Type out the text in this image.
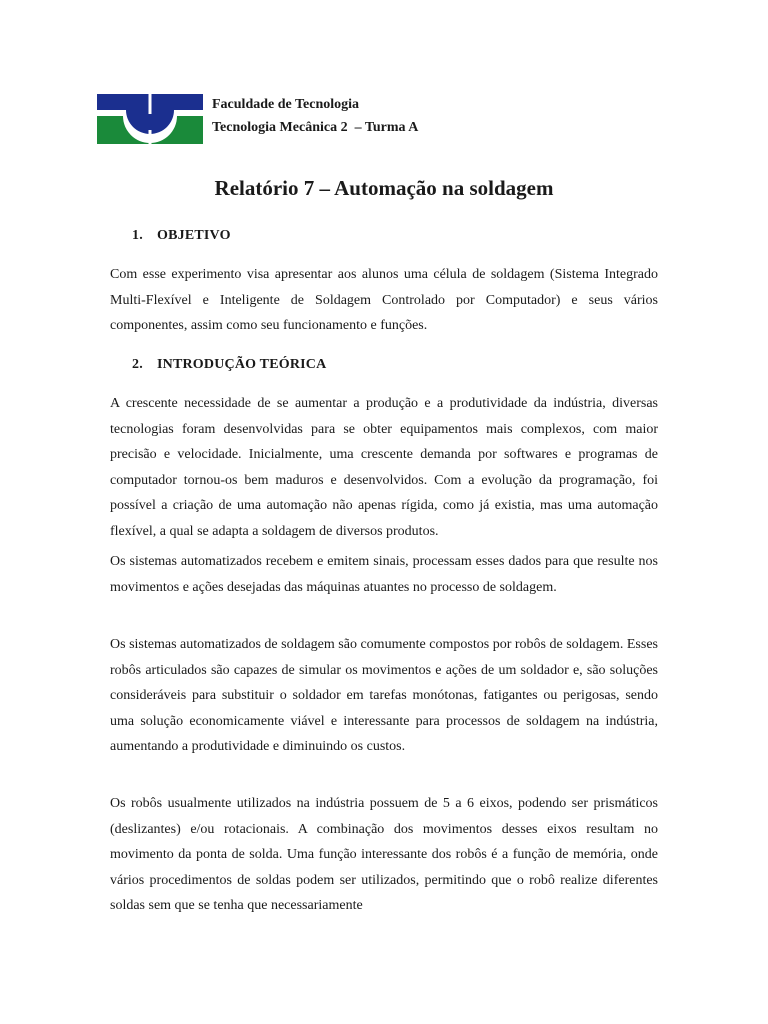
Faculdade de Tecnologia
Tecnologia Mecânica 2  – Turma A
Relatório 7 – Automação na soldagem
1. OBJETIVO

Com esse experimento visa apresentar aos alunos uma célula de soldagem (Sistema Integrado Multi-Flexível e Inteligente de Soldagem Controlado por Computador) e seus vários componentes, assim como seu funcionamento e funções.

2. INTRODUÇÃO TEÓRICA

A crescente necessidade de se aumentar a produção e a produtividade da indústria, diversas tecnologias foram desenvolvidas para se obter equipamentos mais complexos, com maior precisão e velocidade. Inicialmente, uma crescente demanda por softwares e programas de computador tornou-os bem maduros e desenvolvidos. Com a evolução da programação, foi possível a criação de uma automação não apenas rígida, como já existia, mas uma automação flexível, a qual se adapta a soldagem de diversos produtos.

Os sistemas automatizados recebem e emitem sinais, processam esses dados para que resulte nos movimentos e ações desejadas das máquinas atuantes no processo de soldagem.

Os sistemas automatizados de soldagem são comumente compostos por robôs de soldagem. Esses robôs articulados são capazes de simular os movimentos e ações de um soldador e, são soluções consideráveis para substituir o soldador em tarefas monótonas, fatigantes ou perigosas, sendo uma solução economicamente viável e interessante para processos de soldagem na indústria, aumentando a produtividade e diminuindo os custos.

Os robôs usualmente utilizados na indústria possuem de 5 a 6 eixos, podendo ser prismáticos (deslizantes) e/ou rotacionais. A combinação dos movimentos desses eixos resultam no movimento da ponta de solda. Uma função interessante dos robôs é a função de memória, onde vários procedimentos de soldas podem ser utilizados, permitindo que o robô realize diferentes soldas sem que se tenha que necessariamente
